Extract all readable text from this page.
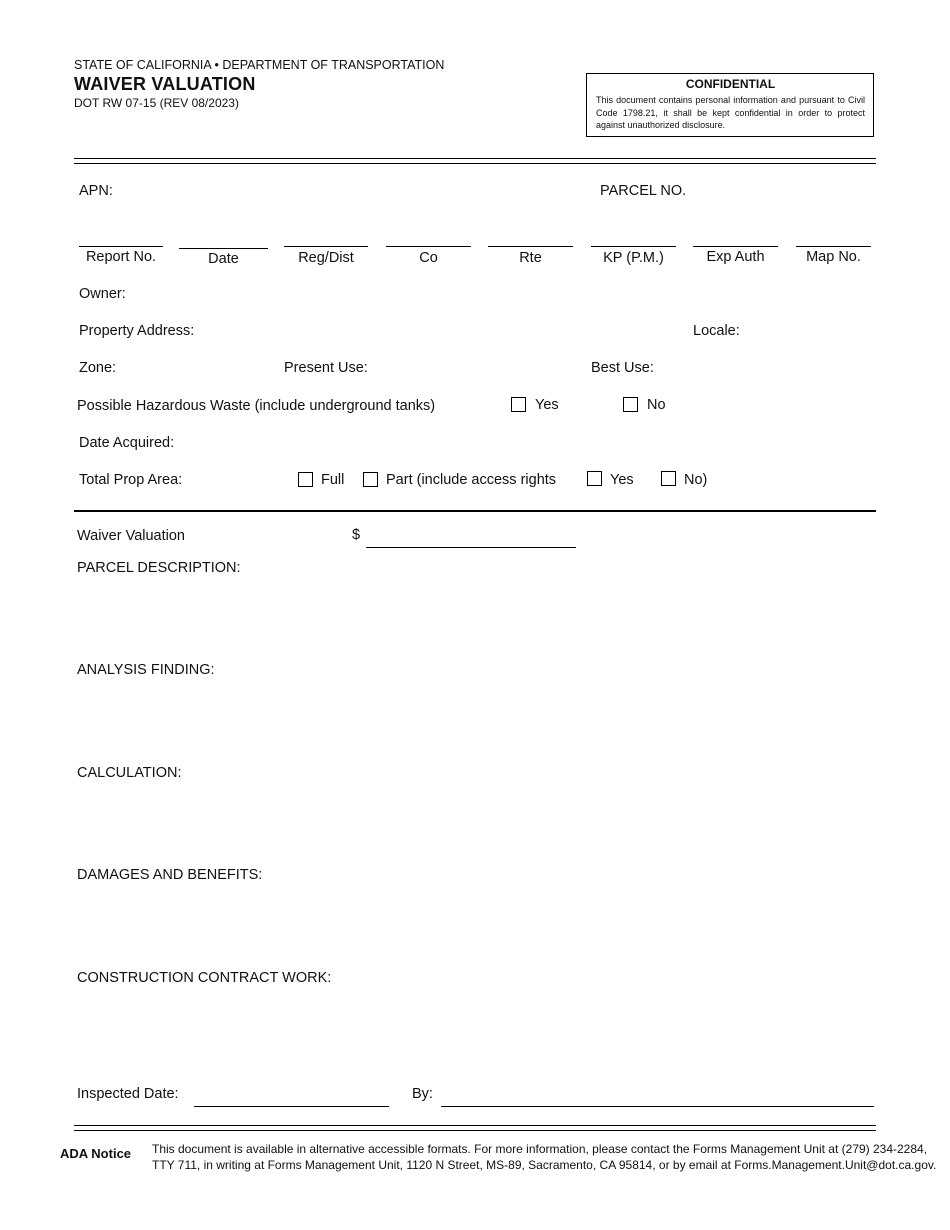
STATE OF CALIFORNIA • DEPARTMENT OF TRANSPORTATION
WAIVER VALUATION
DOT RW 07-15 (REV 08/2023)
CONFIDENTIAL
This document contains personal information and pursuant to Civil Code 1798.21, it shall be kept confidential in order to protect against unauthorized disclosure.
APN:	PARCEL NO.
Report No.	Date	Reg/Dist	Co	Rte	KP (P.M.)	Exp Auth	Map No.
Owner:
Property Address:	Locale:
Zone:	Present Use:	Best Use:
Possible Hazardous Waste (include underground tanks)	Yes	No
Date Acquired:
Total Prop Area:	Full	Part (include access rights	Yes	No)
Waiver Valuation	$
PARCEL DESCRIPTION:
ANALYSIS FINDING:
CALCULATION:
DAMAGES AND BENEFITS:
CONSTRUCTION CONTRACT WORK:
Inspected Date:	By:
ADA Notice This document is available in alternative accessible formats. For more information, please contact the Forms Management Unit at (279) 234-2284,
TTY 711, in writing at Forms Management Unit, 1120 N Street, MS-89, Sacramento, CA 95814, or by email at Forms.Management.Unit@dot.ca.gov.
